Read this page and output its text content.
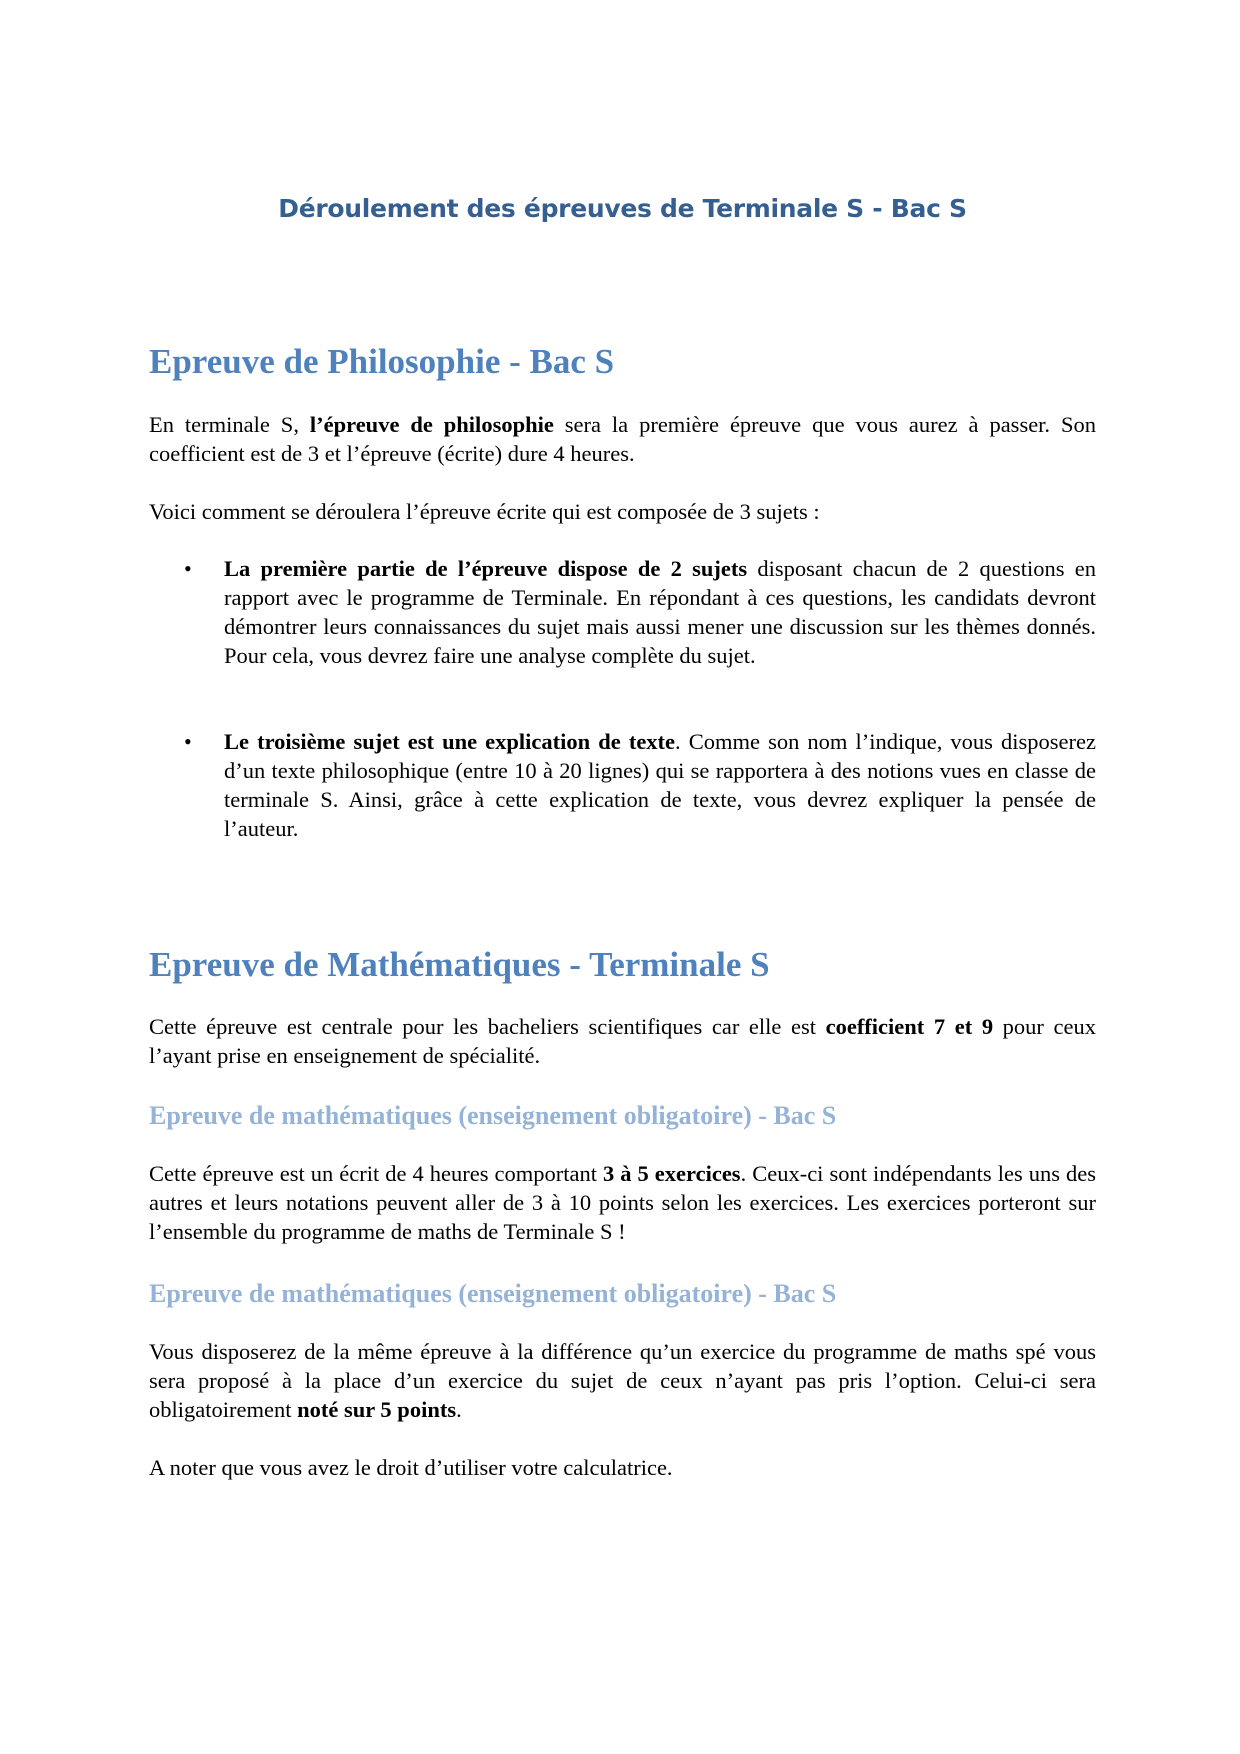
Déroulement des épreuves de Terminale S - Bac S
Epreuve de Philosophie - Bac S

En terminale S, l’épreuve de philosophie sera la première épreuve que vous aurez à passer. Son coefficient est de 3 et l’épreuve (écrite) dure 4 heures.

Voici comment se déroulera l’épreuve écrite qui est composée de 3 sujets :

• La première partie de l’épreuve dispose de 2 sujets disposant chacun de 2 questions en rapport avec le programme de Terminale. En répondant à ces questions, les candidats devront démontrer leurs connaissances du sujet mais aussi mener une discussion sur les thèmes donnés. Pour cela, vous devrez faire une analyse complète du sujet.
• Le troisième sujet est une explication de texte. Comme son nom l’indique, vous disposerez d’un texte philosophique (entre 10 à 20 lignes) qui se rapportera à des notions vues en classe de terminale S. Ainsi, grâce à cette explication de texte, vous devrez expliquer la pensée de l’auteur.
Epreuve de Mathématiques - Terminale S

Cette épreuve est centrale pour les bacheliers scientifiques car elle est coefficient 7 et 9 pour ceux l’ayant prise en enseignement de spécialité.

Epreuve de mathématiques (enseignement obligatoire) - Bac S

Cette épreuve est un écrit de 4 heures comportant 3 à 5 exercices. Ceux-ci sont indépendants les uns des autres et leurs notations peuvent aller de 3 à 10 points selon les exercices. Les exercices porteront sur l’ensemble du programme de maths de Terminale S !

Epreuve de mathématiques (enseignement obligatoire) - Bac S

Vous disposerez de la même épreuve à la différence qu’un exercice du programme de maths spé vous sera proposé à la place d’un exercice du sujet de ceux n’ayant pas pris l’option. Celui-ci sera obligatoirement noté sur 5 points.

A noter que vous avez le droit d’utiliser votre calculatrice.
